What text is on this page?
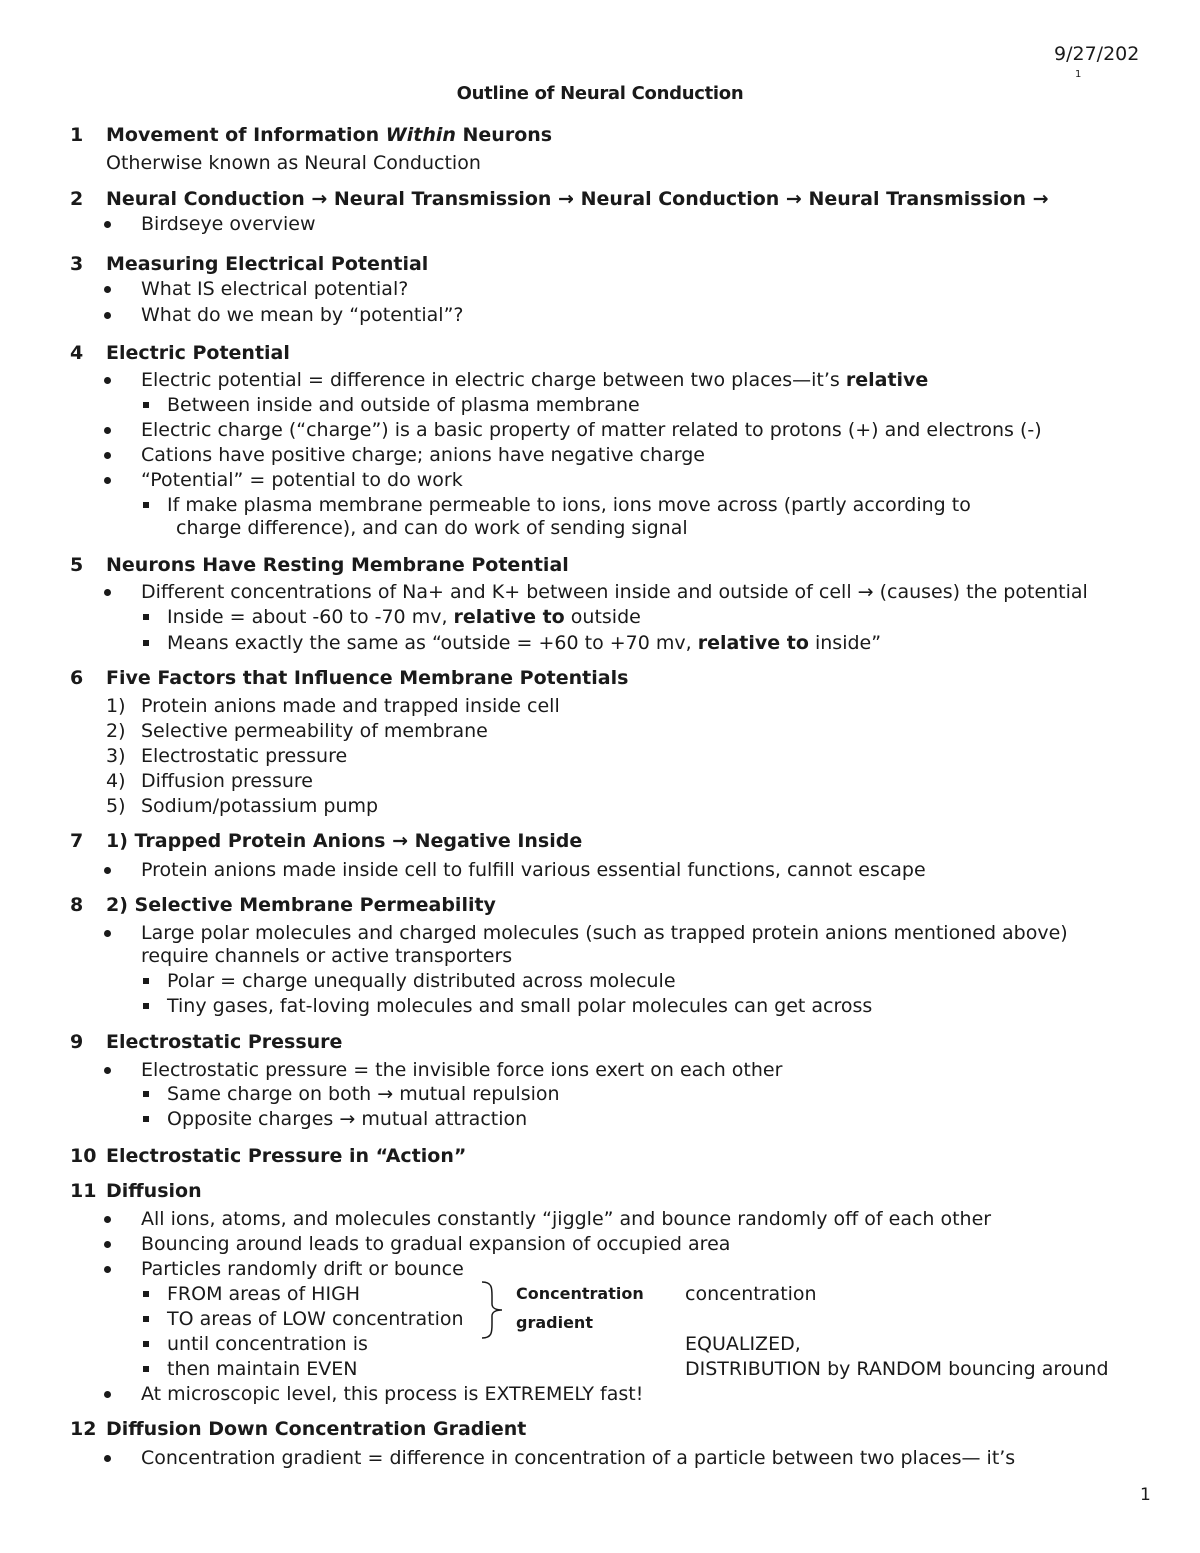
9/27/202
1
Outline of Neural Conduction
1 Movement of Information Within Neurons
Otherwise known as Neural Conduction
2 Neural Conduction → Neural Transmission → Neural Conduction → Neural Transmission →
Birdseye overview
3 Measuring Electrical Potential
What IS electrical potential?
What do we mean by “potential”?
4 Electric Potential
Electric potential = difference in electric charge between two places—it’s relative
Between inside and outside of plasma membrane
Electric charge (“charge”) is a basic property of matter related to protons (+) and electrons (-)
Cations have positive charge; anions have negative charge
“Potential” = potential to do work
If make plasma membrane permeable to ions, ions move across (partly according to
charge difference), and can do work of sending signal
5 Neurons Have Resting Membrane Potential
Different concentrations of Na+ and K+ between inside and outside of cell → (causes) the potential
Inside = about -60 to -70 mv, relative to outside
Means exactly the same as “outside = +60 to +70 mv, relative to inside”
6 Five Factors that Influence Membrane Potentials
1) Protein anions made and trapped inside cell
2) Selective permeability of membrane
3) Electrostatic pressure
4) Diffusion pressure
5) Sodium/potassium pump
7 1) Trapped Protein Anions → Negative Inside
Protein anions made inside cell to fulfill various essential functions, cannot escape
8 2) Selective Membrane Permeability
Large polar molecules and charged molecules (such as trapped protein anions mentioned above)
require channels or active transporters
Polar = charge unequally distributed across molecule
Tiny gases, fat-loving molecules and small polar molecules can get across
9 Electrostatic Pressure
Electrostatic pressure = the invisible force ions exert on each other
Same charge on both → mutual repulsion
Opposite charges → mutual attraction
10 Electrostatic Pressure in “Action”
11 Diffusion
All ions, atoms, and molecules constantly “jiggle” and bounce randomly off of each other
Bouncing around leads to gradual expansion of occupied area
Particles randomly drift or bounce
FROM areas of HIGH
TO areas of LOW concentration
until concentration is
then maintain EVEN
Concentration
gradient
concentration
EQUALIZED,
DISTRIBUTION by RANDOM bouncing around
At microscopic level, this process is EXTREMELY fast!
12 Diffusion Down Concentration Gradient
Concentration gradient = difference in concentration of a particle between two places— it’s
1
